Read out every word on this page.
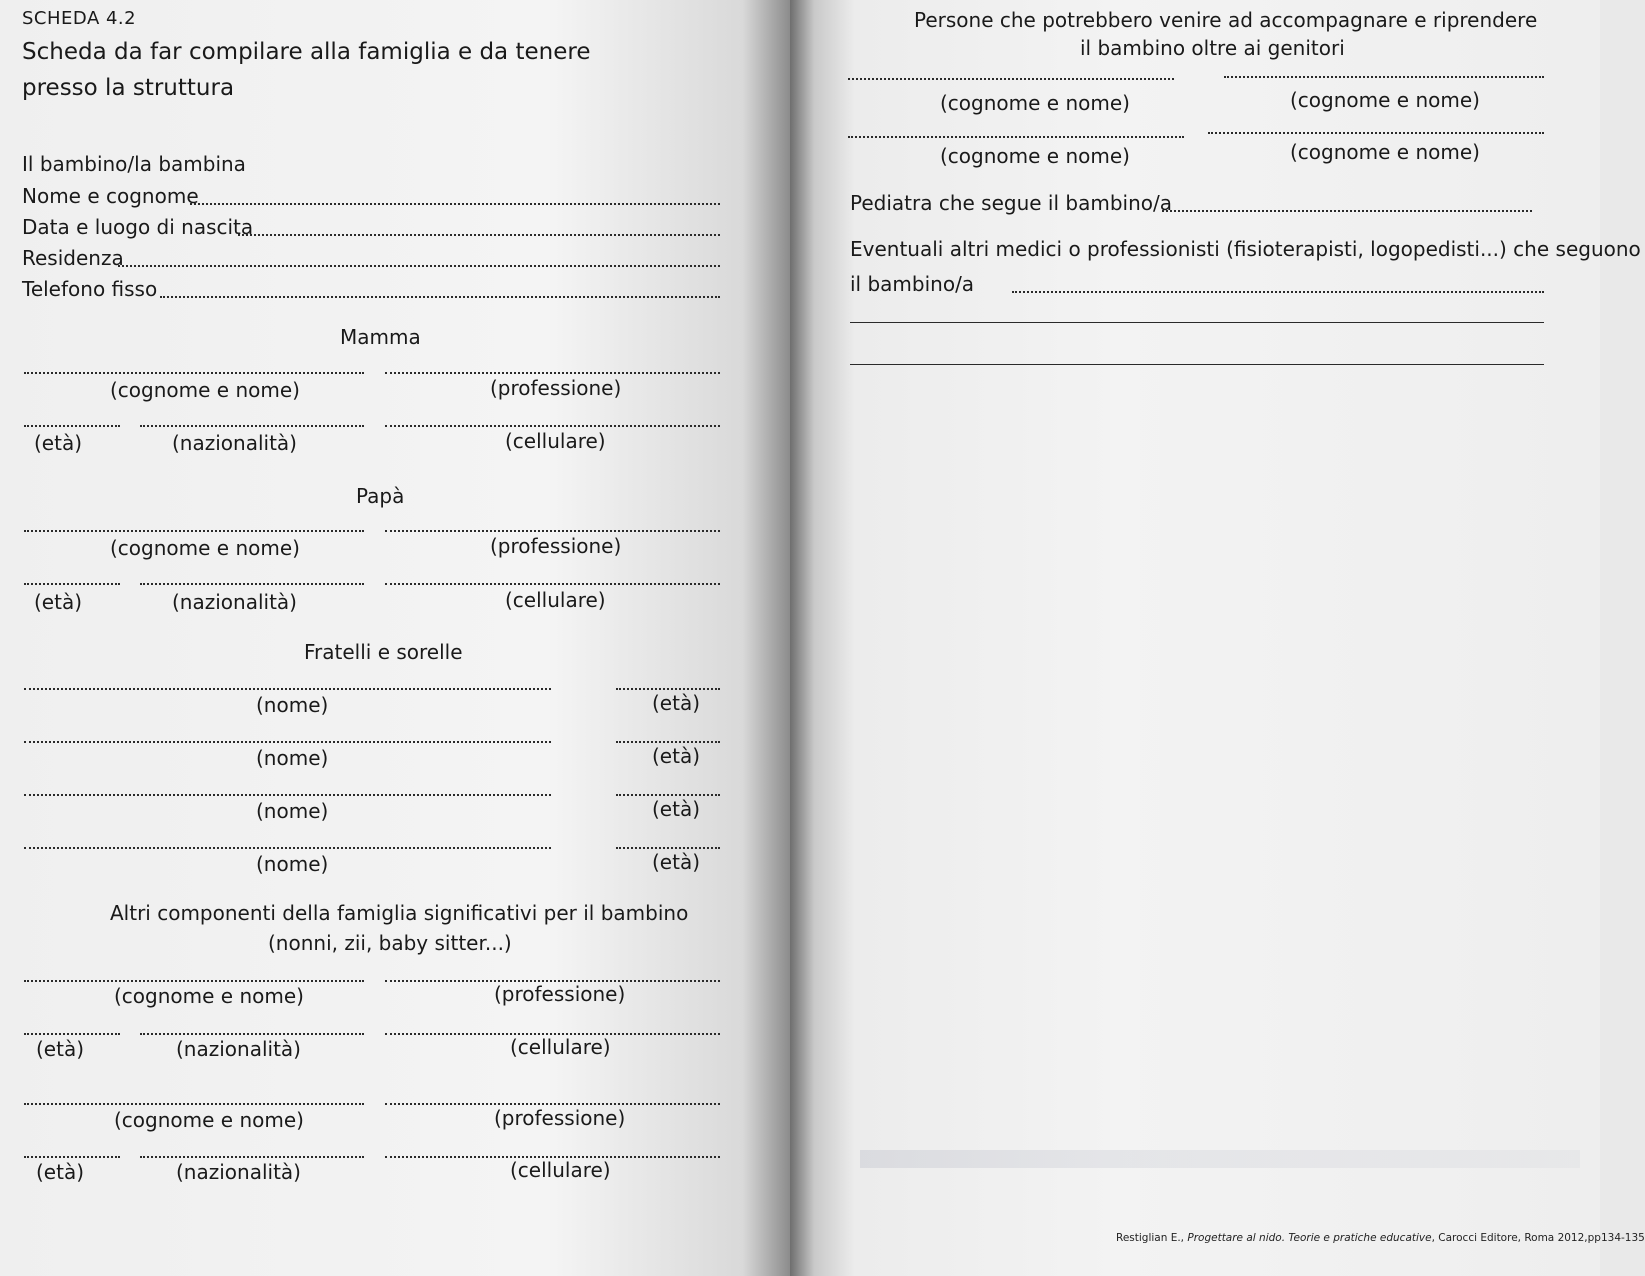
SCHEDA 4.2
Scheda da far compilare alla famiglia e da tenere presso la struttura
Il bambino/la bambina
Nome e cognome
Data e luogo di nascita
Residenza
Telefono fisso
Mamma
(cognome e nome)	(professione)
(età)	(nazionalità)	(cellulare)
Papà
(cognome e nome)	(professione)
(età)	(nazionalità)	(cellulare)
Fratelli e sorelle
(nome)	(età)
(nome)	(età)
(nome)	(età)
(nome)	(età)
Altri componenti della famiglia significativi per il bambino
(nonni, zii, baby sitter...)
(cognome e nome)	(professione)
(età)	(nazionalità)	(cellulare)
(cognome e nome)	(professione)
(età)	(nazionalità)	(cellulare)
Persone che potrebbero venire ad accompagnare e riprendere
il bambino oltre ai genitori
(cognome e nome)	(cognome e nome)
(cognome e nome)	(cognome e nome)
Pediatra che segue il bambino/a
Eventuali altri medici o professionisti (fisioterapisti, logopedisti...) che seguono
il bambino/a
Restiglian E., Progettare al nido. Teorie e pratiche educative, Carocci Editore, Roma 2012,pp134-135
